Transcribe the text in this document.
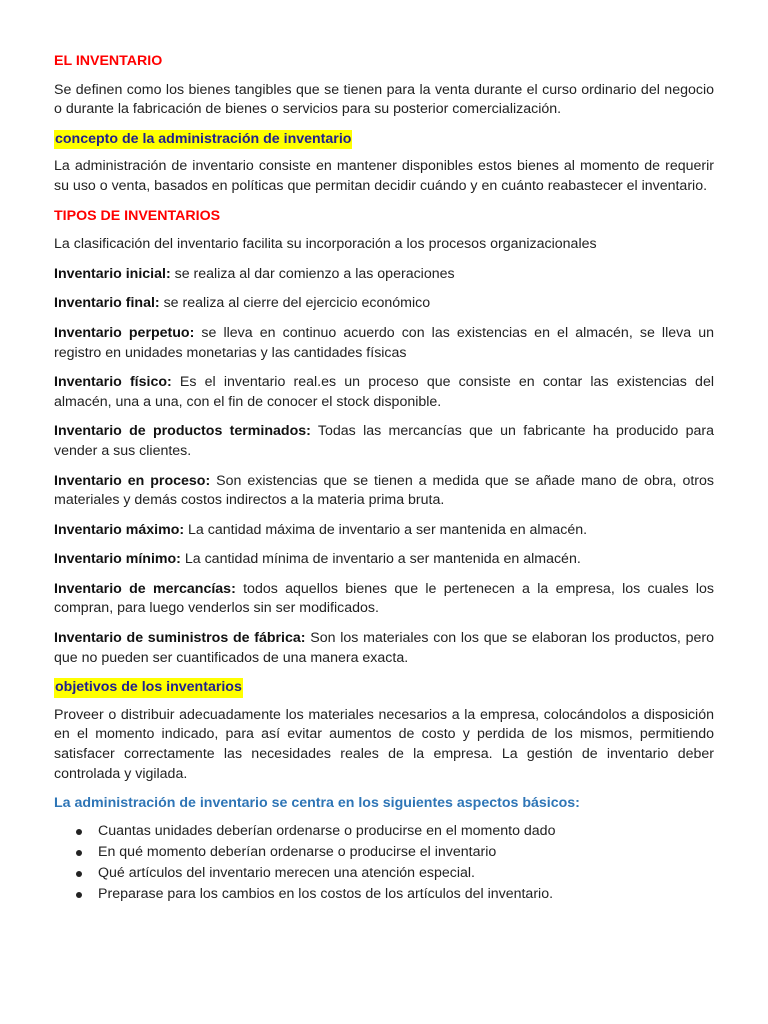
EL INVENTARIO

Se definen como los bienes tangibles que se tienen para la venta durante el curso ordinario del negocio o durante la fabricación de bienes o servicios para su posterior comercialización.

concepto de la administración de inventario

La administración de inventario consiste en mantener disponibles estos bienes al momento de requerir su uso o venta, basados en políticas que permitan decidir cuándo y en cuánto reabastecer el inventario.

TIPOS DE INVENTARIOS

La clasificación del inventario facilita su incorporación a los procesos organizacionales

Inventario inicial: se realiza al dar comienzo a las operaciones

Inventario final: se realiza al cierre del ejercicio económico

Inventario perpetuo: se lleva en continuo acuerdo con las existencias en el almacén, se lleva un registro en unidades monetarias y las cantidades físicas

Inventario físico: Es el inventario real.es un proceso que consiste en contar las existencias del almacén, una a una, con el fin de conocer el stock disponible.

Inventario de productos terminados: Todas las mercancías que un fabricante ha producido para vender a sus clientes.

Inventario en proceso: Son existencias que se tienen a medida que se añade mano de obra, otros materiales y demás costos indirectos a la materia prima bruta.

Inventario máximo: La cantidad máxima de inventario a ser mantenida en almacén.

Inventario mínimo: La cantidad mínima de inventario a ser mantenida en almacén.

Inventario de mercancías: todos aquellos bienes que le pertenecen a la empresa, los cuales los compran, para luego venderlos sin ser modificados.

Inventario de suministros de fábrica: Son los materiales con los que se elaboran los productos, pero que no pueden ser cuantificados de una manera exacta.

objetivos de los inventarios

Proveer o distribuir adecuadamente los materiales necesarios a la empresa, colocándolos a disposición en el momento indicado, para así evitar aumentos de costo y perdida de los mismos, permitiendo satisfacer correctamente las necesidades reales de la empresa. La gestión de inventario deber controlada y vigilada.

La administración de inventario se centra en los siguientes aspectos básicos:
Cuantas unidades deberían ordenarse o producirse en el momento dado
En qué momento deberían ordenarse o producirse el inventario
Qué artículos del inventario merecen una atención especial.
Preparase para los cambios en los costos de los artículos del inventario.
